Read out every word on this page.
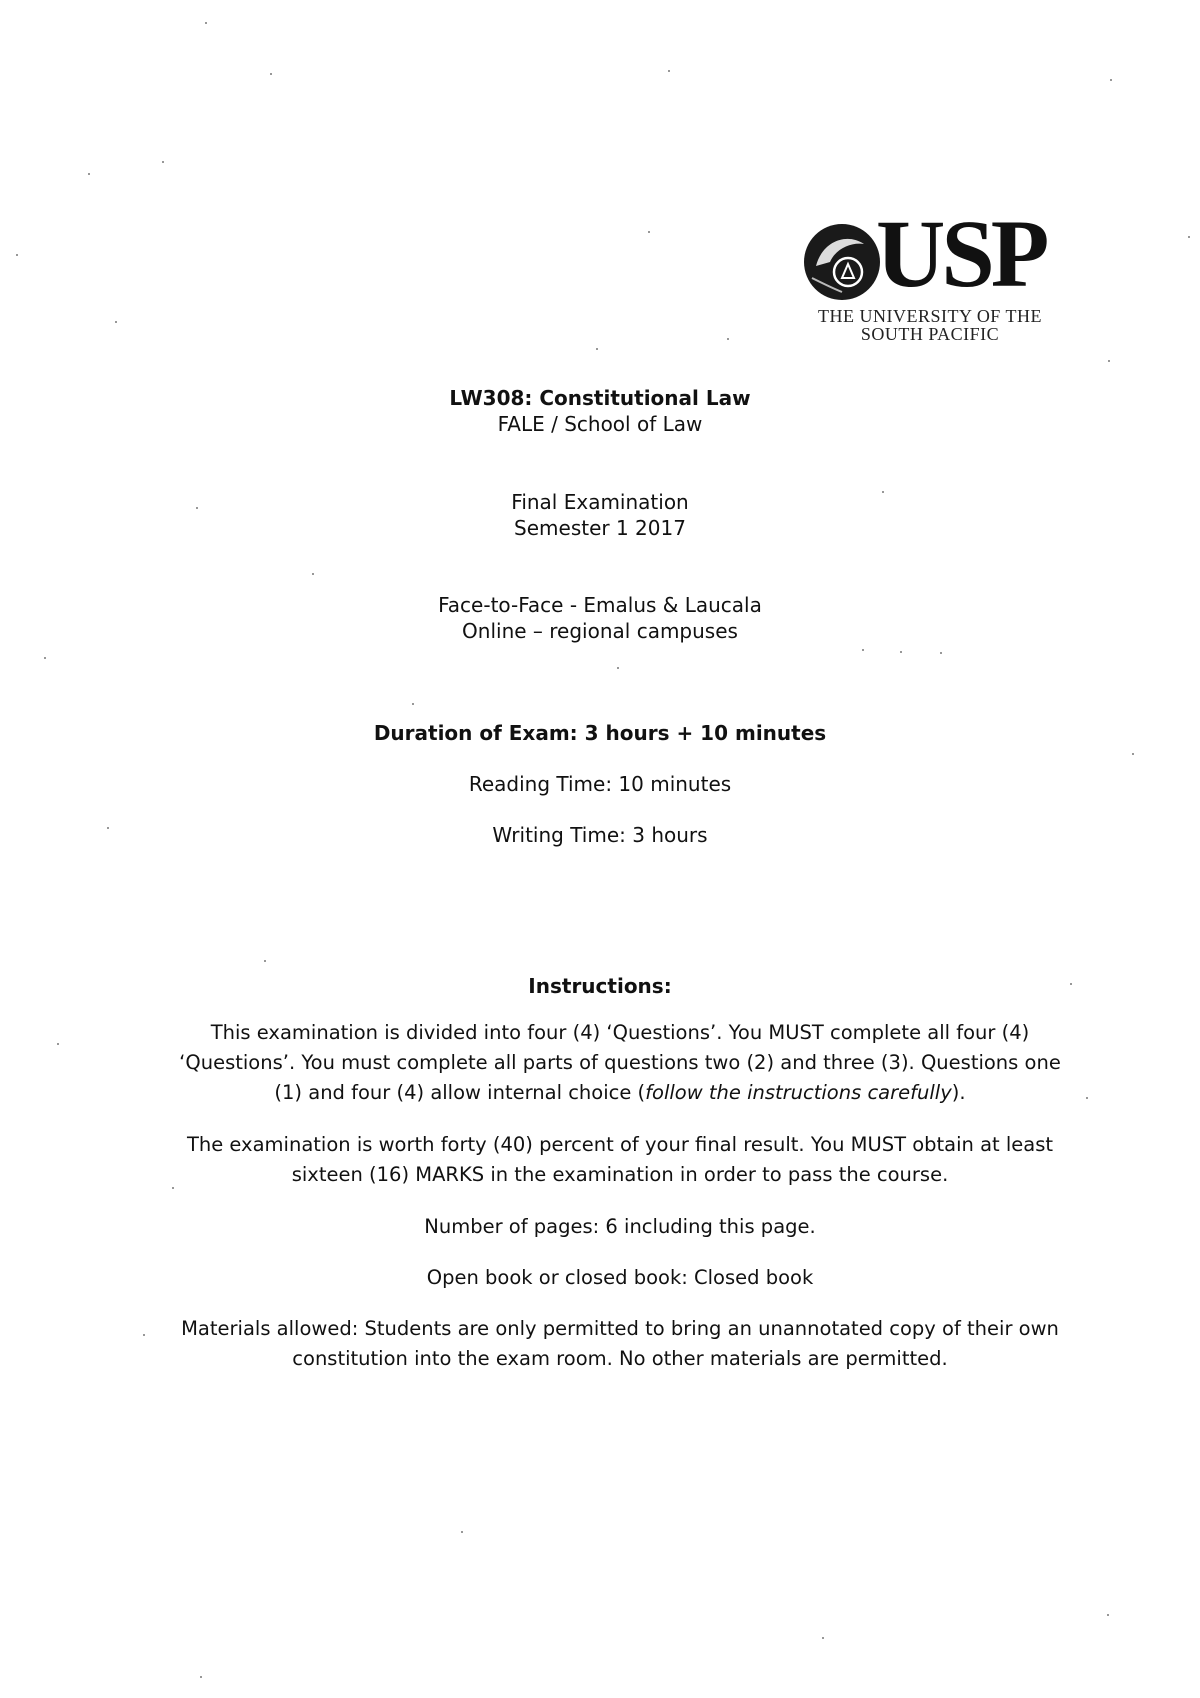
USP
THE UNIVERSITY OF THE
SOUTH PACIFIC
LW308: Constitutional Law
FALE / School of Law
Final Examination
Semester 1 2017
Face-to-Face - Emalus & Laucala
Online – regional campuses
Duration of Exam: 3 hours + 10 minutes
Reading Time: 10 minutes
Writing Time: 3 hours
Instructions:
This examination is divided into four (4) ‘Questions’. You MUST complete all four (4) ‘Questions’. You must complete all parts of questions two (2) and three (3). Questions one (1) and four (4) allow internal choice (follow the instructions carefully).
The examination is worth forty (40) percent of your final result. You MUST obtain at least sixteen (16) MARKS in the examination in order to pass the course.
Number of pages: 6 including this page.
Open book or closed book: Closed book
Materials allowed: Students are only permitted to bring an unannotated copy of their own constitution into the exam room. No other materials are permitted.
